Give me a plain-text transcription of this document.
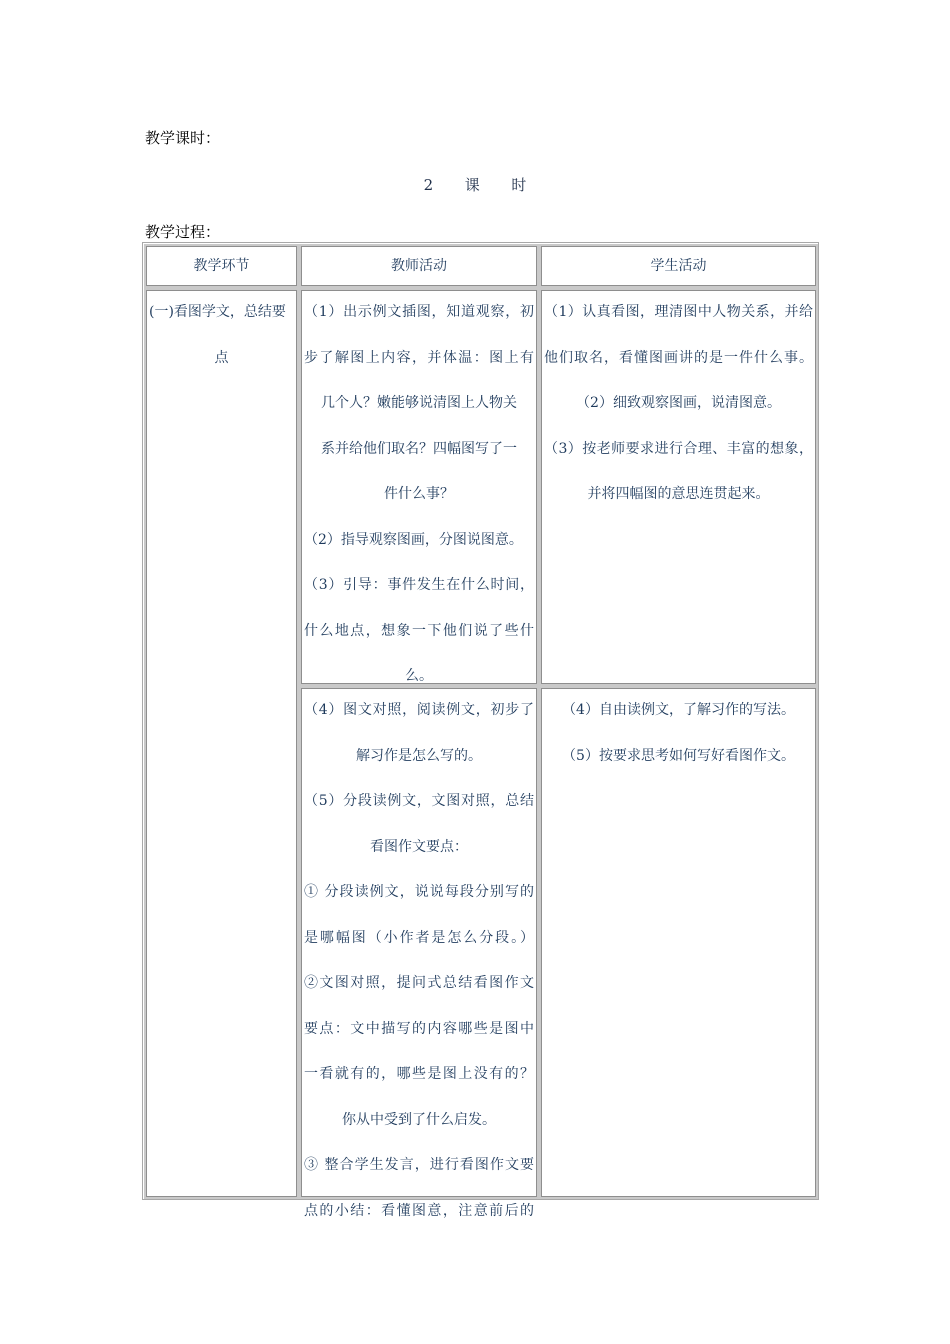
教学课时：
2 课 时
教学过程：
教学环节	教师活动	学生活动
(一)看图学文，总结要
点
（1）出示例文插图，知道观察，初
步了解图上内容，并体温：图上有
几个人？嫩能够说清图上人物关
系并给他们取名？四幅图写了一
件什么事？
（2）指导观察图画，分图说图意。
（3）引导：事件发生在什么时间，
什么地点，想象一下他们说了些什
么。
（1）认真看图，理清图中人物关系，并给
他们取名，看懂图画讲的是一件什么事。
（2）细致观察图画，说清图意。
（3）按老师要求进行合理、丰富的想象，
并将四幅图的意思连贯起来。
（4）图文对照，阅读例文，初步了
解习作是怎么写的。
（5）分段读例文，文图对照，总结
看图作文要点：
① 分段读例文，说说每段分别写的
是哪幅图（小作者是怎么分段。）
②文图对照，提问式总结看图作文
要点：文中描写的内容哪些是图中
一看就有的，哪些是图上没有的？
你从中受到了什么启发。
③ 整合学生发言，进行看图作文要
点的小结：看懂图意，注意前后的
（4）自由读例文，了解习作的写法。
（5）按要求思考如何写好看图作文。
